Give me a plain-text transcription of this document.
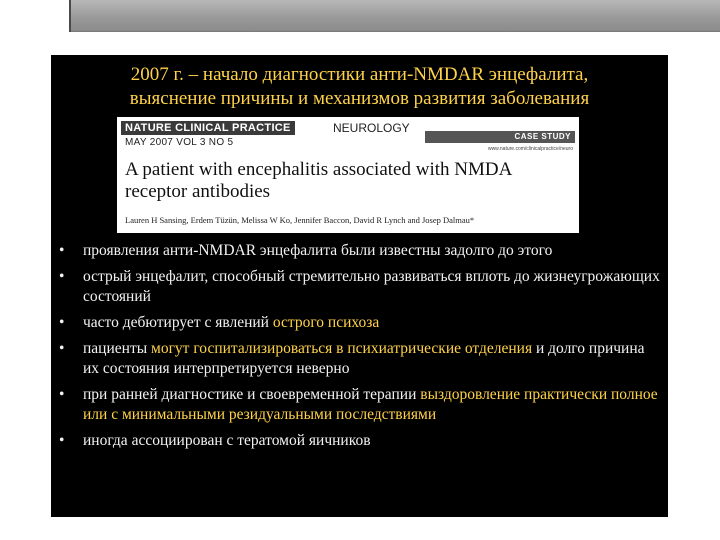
2007 г. – начало диагностики анти-NMDAR энцефалита,
выяснение причины и механизмов развития заболевания
NATURE CLINICAL PRACTICE	NEUROLOGY
CASE STUDY
MAY 2007 VOL 3 NO 5
www.nature.com/clinicalpractice/neuro
A patient with encephalitis associated with NMDA receptor antibodies
Lauren H Sansing, Erdem Tüzün, Melissa W Ko, Jennifer Baccon, David R Lynch and Josep Dalmau*
• проявления анти-NMDAR энцефалита были известны задолго до этого
• острый энцефалит, способный стремительно развиваться вплоть до жизнеугрожающих состояний
• часто дебютирует с явлений острого психоза
• пациенты могут госпитализироваться в психиатрические отделения и долго причина их состояния интерпретируется неверно
• при ранней диагностике и своевременной терапии выздоровление практически полное или с минимальными резидуальными последствиями
• иногда ассоциирован с тератомой яичников
